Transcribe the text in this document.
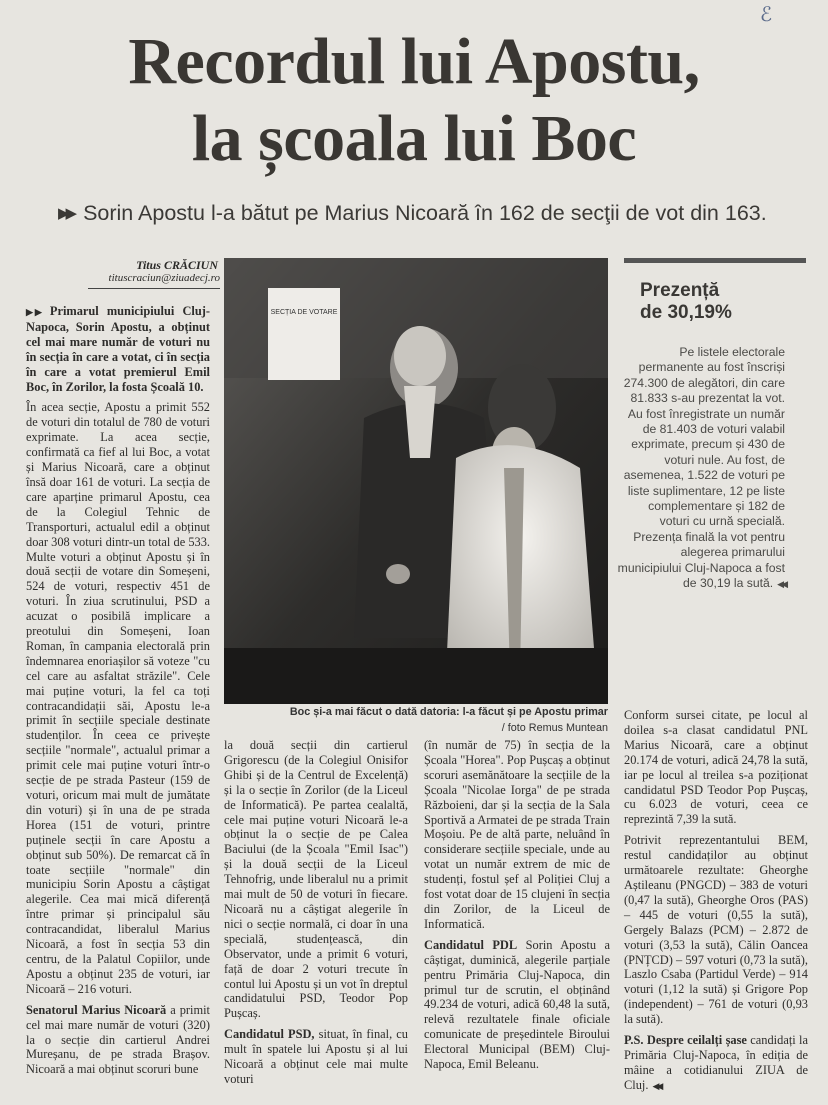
ℰ
Recordul lui Apostu,
la școala lui Boc
▶▶ Sorin Apostu l-a bătut pe Marius Nicoară în 162 de secţii de vot din 163.
Titus CRĂCIUN
tituscraciun@ziuadecj.ro

▶▶ Primarul municipiului Cluj-Napoca, Sorin Apostu, a obținut cel mai mare număr de voturi nu în secția în care a votat, ci în secția în care a votat premierul Emil Boc, în Zorilor, la fosta Școală 10.

În acea secție, Apostu a primit 552 de voturi din totalul de 780 de voturi exprimate. La acea secție, confirmată ca fief al lui Boc, a votat și Marius Nicoară, care a obținut însă doar 161 de voturi. La secția de care aparține primarul Apostu, cea de la Colegiul Tehnic de Transporturi, actualul edil a obținut doar 308 voturi dintr-un total de 533. Multe voturi a obținut Apostu și în două secții de votare din Someșeni, 524 de voturi, respectiv 451 de voturi. În ziua scrutinului, PSD a acuzat o posibilă implicare a preotului din Someșeni, Ioan Roman, în campania electorală prin îndemnarea enoriașilor să voteze "cu cel care au asfaltat străzile". Cele mai puține voturi, la fel ca toți contracandidații săi, Apostu le-a primit în secțiile speciale destinate studenților. În ceea ce privește secțiile "normale", actualul primar a primit cele mai puține voturi într-o secție de pe strada Pasteur (159 de voturi, oricum mai mult de jumătate din voturi) și în una de pe strada Horea (151 de voturi, printre puținele secții în care Apostu a obținut sub 50%). De remarcat că în toate secțiile "normale" din municipiu Sorin Apostu a câștigat alegerile. Cea mai mică diferență între primar și principalul său contracandidat, liberalul Marius Nicoară, a fost în secția 53 din centru, de la Palatul Copiilor, unde Apostu a obținut 235 de voturi, iar Nicoară – 216 voturi.

Senatorul Marius Nicoară a primit cel mai mare număr de voturi (320) la o secție din cartierul Andrei Mureșanu, de pe strada Brașov. Nicoară a mai obținut scoruri bune

SECȚIA DE VOTARE
Boc și-a mai făcut o dată datoria: l-a făcut și pe Apostu primar
/ foto Remus Muntean

la două secții din cartierul Grigorescu (de la Colegiul Onisifor Ghibi și de la Centrul de Excelență) și la o secție în Zorilor (de la Liceul de Informatică). Pe partea cealaltă, cele mai puține voturi Nicoară le-a obținut la o secție de pe Calea Baciului (de la Școala "Emil Isac") și la două secții de la Liceul Tehnofrig, unde liberalul nu a primit mai mult de 50 de voturi în fiecare. Nicoară nu a câștigat alegerile în nici o secție normală, ci doar în una specială, studențească, din Observator, unde a primit 6 voturi, față de doar 2 voturi trecute în contul lui Apostu și un vot în dreptul candidatului PSD, Teodor Pop Pușcaș.

Candidatul PSD, situat, în final, cu mult în spatele lui Apostu și al lui Nicoară a obținut cele mai multe voturi

(în număr de 75) în secția de la Școala "Horea". Pop Pușcaș a obținut scoruri asemănătoare la secțiile de la Școala "Nicolae Iorga" de pe strada Războieni, dar și la secția de la Sala Sportivă a Armatei de pe strada Train Moșoiu. Pe de altă parte, neluând în considerare secțiile speciale, unde au votat un număr extrem de mic de studenți, fostul șef al Poliției Cluj a fost votat doar de 15 clujeni în secția din Zorilor, de la Liceul de Informatică.

Candidatul PDL Sorin Apostu a câștigat, duminică, alegerile parțiale pentru Primăria Cluj-Napoca, din primul tur de scrutin, el obținând 49.234 de voturi, adică 60,48 la sută, relevă rezultatele finale oficiale comunicate de președintele Biroului Electoral Municipal (BEM) Cluj-Napoca, Emil Beleanu.

Prezență
de 30,19%
Pe listele electorale permanente au fost înscriși 274.300 de alegători, din care 81.833 s-au prezentat la vot. Au fost înregistrate un număr de 81.403 de voturi valabil exprimate, precum și 430 de voturi nule. Au fost, de asemenea, 1.522 de voturi pe liste suplimentare, 12 pe liste complementare și 182 de voturi cu urnă specială. Prezența finală la vot pentru alegerea primarului municipiului Cluj-Napoca a fost de 30,19 la sută. ◀◀

Conform sursei citate, pe locul al doilea s-a clasat candidatul PNL Marius Nicoară, care a obținut 20.174 de voturi, adică 24,78 la sută, iar pe locul al treilea s-a poziționat candidatul PSD Teodor Pop Pușcaș, cu 6.023 de voturi, ceea ce reprezintă 7,39 la sută.

Potrivit reprezentantului BEM, restul candidaților au obținut următoarele rezultate: Gheorghe Aștileanu (PNGCD) – 383 de voturi (0,47 la sută), Gheorghe Oros (PAS) – 445 de voturi (0,55 la sută), Gergely Balazs (PCM) – 2.872 de voturi (3,53 la sută), Călin Oancea (PNȚCD) – 597 voturi (0,73 la sută), Laszlo Csaba (Partidul Verde) – 914 voturi (1,12 la sută) și Grigore Pop (independent) – 761 de voturi (0,93 la sută).

P.S. Despre ceilalți șase candidați la Primăria Cluj-Napoca, în ediția de mâine a cotidianului ZIUA de Cluj. ◀◀
